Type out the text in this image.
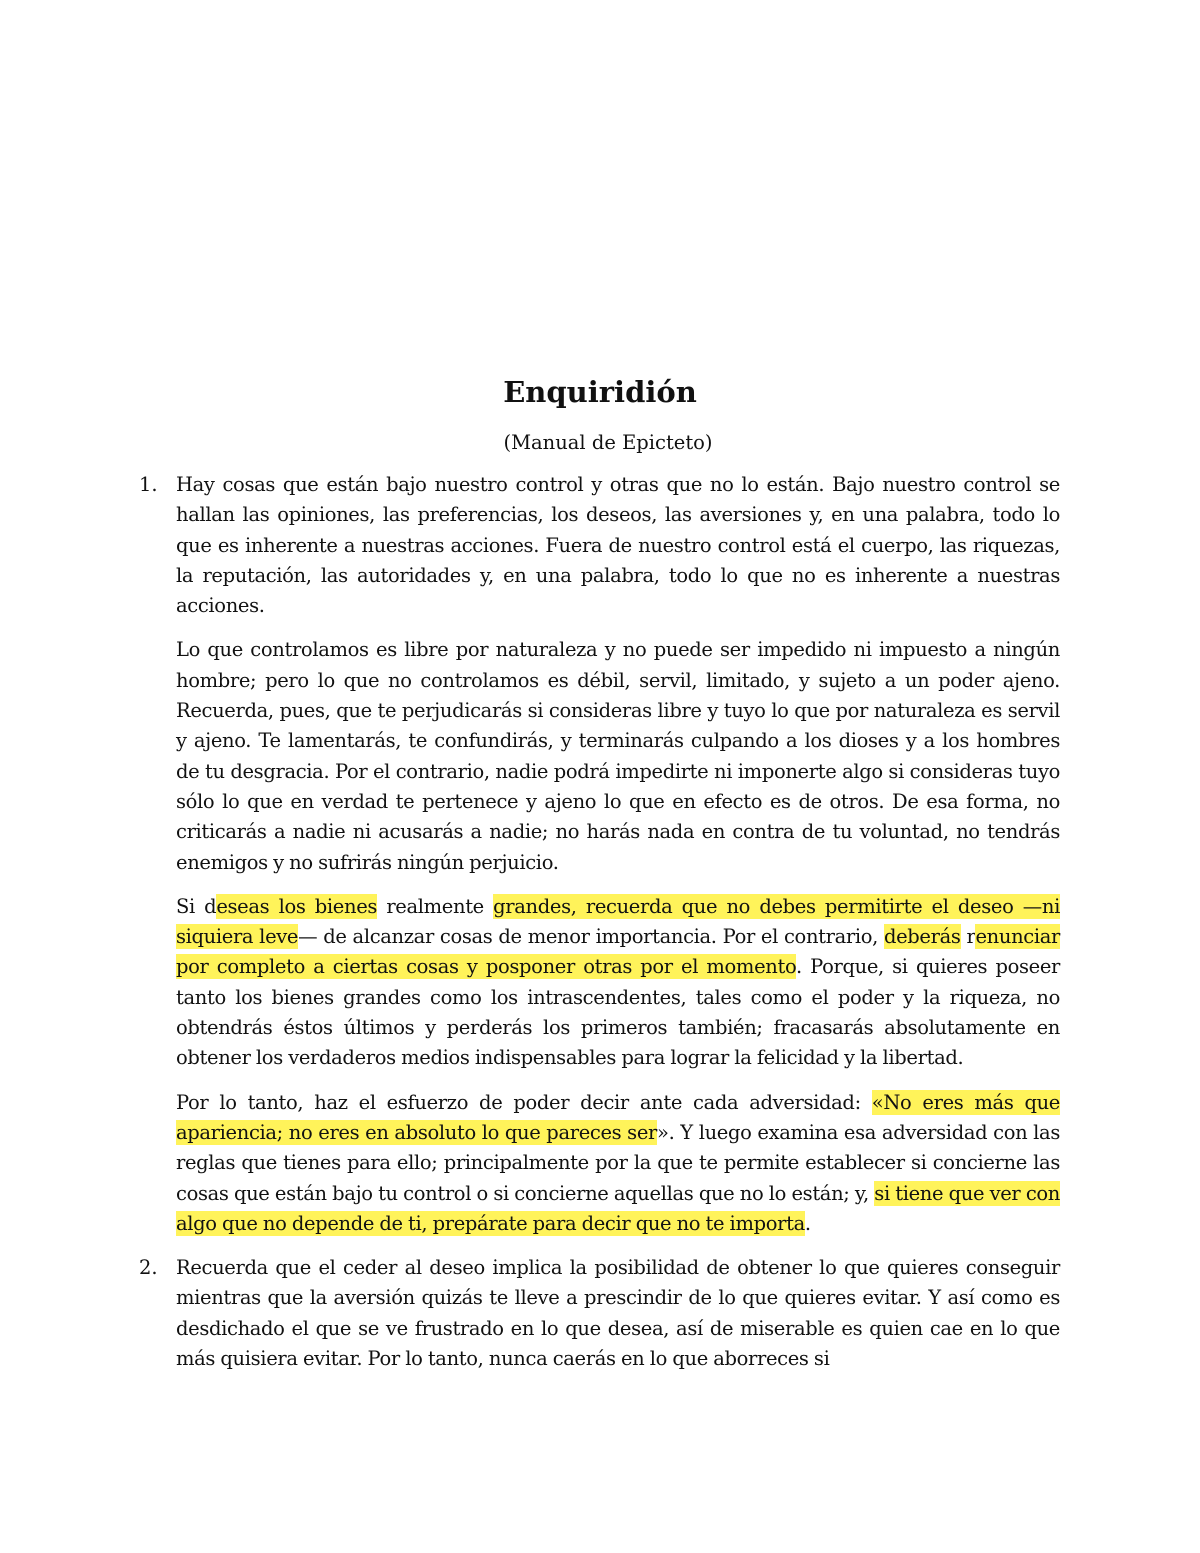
Enquiridión

(Manual de Epicteto)

1. Hay cosas que están bajo nuestro control y otras que no lo están. Bajo nuestro control se hallan las opiniones, las preferencias, los deseos, las aversiones y, en una palabra, todo lo que es inherente a nuestras acciones. Fuera de nuestro control está el cuerpo, las riquezas, la reputación, las autoridades y, en una palabra, todo lo que no es inherente a nuestras acciones.

Lo que controlamos es libre por naturaleza y no puede ser impedido ni impuesto a ningún hombre; pero lo que no controlamos es débil, servil, limitado, y sujeto a un poder ajeno. Recuerda, pues, que te perjudicarás si consideras libre y tuyo lo que por naturaleza es servil y ajeno. Te lamentarás, te confundirás, y terminarás culpando a los dioses y a los hombres de tu desgracia. Por el contrario, nadie podrá impedirte ni imponerte algo si consideras tuyo sólo lo que en verdad te pertenece y ajeno lo que en efecto es de otros. De esa forma, no criticarás a nadie ni acusarás a nadie; no harás nada en contra de tu voluntad, no tendrás enemigos y no sufrirás ningún perjuicio.

Si deseas los bienes realmente grandes, recuerda que no debes permitirte el deseo —ni siquiera leve— de alcanzar cosas de menor importancia. Por el contrario, deberás renunciar por completo a ciertas cosas y posponer otras por el momento. Porque, si quieres poseer tanto los bienes grandes como los intrascendentes, tales como el poder y la riqueza, no obtendrás éstos últimos y perderás los primeros también; fracasarás absolutamente en obtener los verdaderos medios indispensables para lograr la felicidad y la libertad.

Por lo tanto, haz el esfuerzo de poder decir ante cada adversidad: «No eres más que apariencia; no eres en absoluto lo que pareces ser». Y luego examina esa adversidad con las reglas que tienes para ello; principalmente por la que te permite establecer si concierne las cosas que están bajo tu control o si concierne aquellas que no lo están; y, si tiene que ver con algo que no depende de ti, prepárate para decir que no te importa.

2. Recuerda que el ceder al deseo implica la posibilidad de obtener lo que quieres conseguir mientras que la aversión quizás te lleve a prescindir de lo que quieres evitar. Y así como es desdichado el que se ve frustrado en lo que desea, así de miserable es quien cae en lo que más quisiera evitar. Por lo tanto, nunca caerás en lo que aborreces si
